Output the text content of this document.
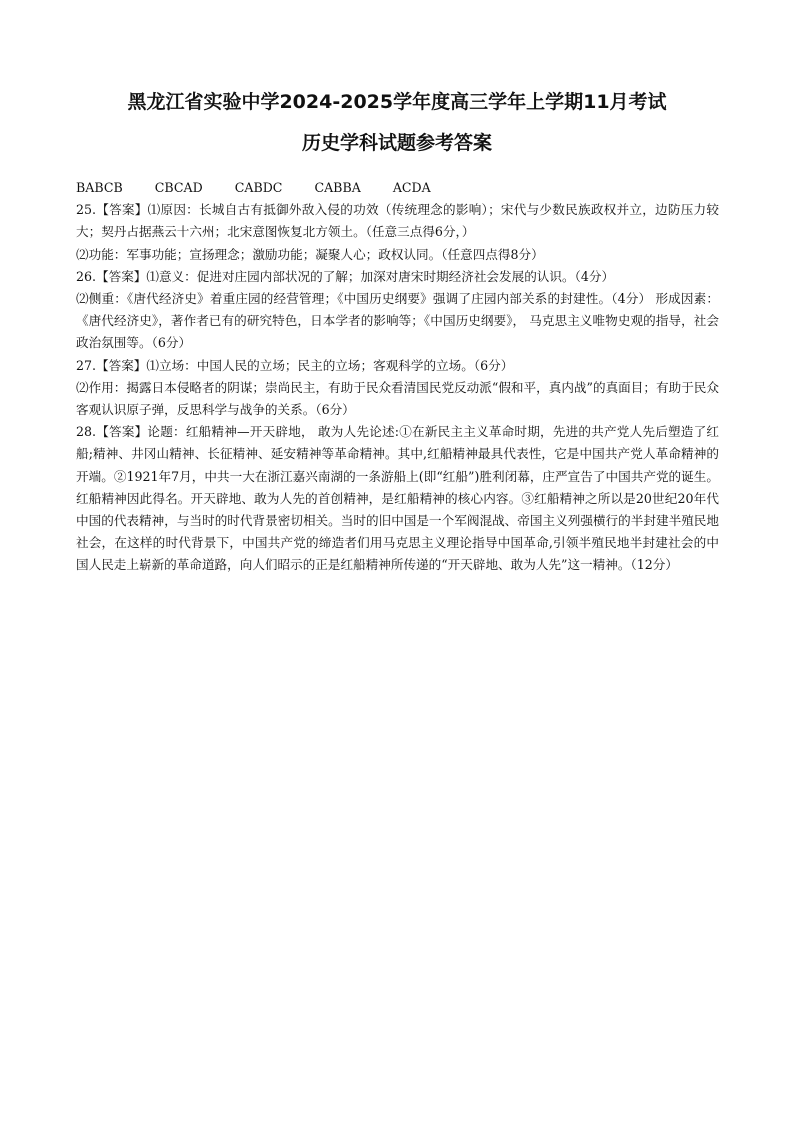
黑龙江省实验中学2024-2025学年度高三学年上学期11月考试
历史学科试题参考答案

BABCB	CBCAD	CABDC	CABBA	ACDA

25.【答案】⑴原因：长城自古有抵御外敌入侵的功效（传统理念的影响）；宋代与少数民族政权并立，边防压力较大；契丹占据燕云十六州；北宋意图恢复北方领土。（任意三点得6分，）

⑵功能：军事功能；宣扬理念；激励功能；凝聚人心；政权认同。（任意四点得8分）

26.【答案】⑴意义：促进对庄园内部状况的了解；加深对唐宋时期经济社会发展的认识。（4分）

⑵侧重：《唐代经济史》着重庄园的经营管理；《中国历史纲要》强调了庄园内部关系的封建性。（4分） 形成因素：《唐代经济史》，著作者已有的研究特色，日本学者的影响等；《中国历史纲要》， 马克思主义唯物史观的指导，社会政治氛围等。（6分）

27.【答案】⑴立场：中国人民的立场；民主的立场；客观科学的立场。（6分）

⑵作用：揭露日本侵略者的阴谋；崇尚民主，有助于民众看清国民党反动派“假和平，真内战”的真面目；有助于民众客观认识原子弹，反思科学与战争的关系。（6分）

28.【答案】论题：红船精神—开天辟地， 敢为人先论述:①在新民主主义革命时期，先进的共产党人先后塑造了红船;精神、井冈山精神、长征精神、延安精神等革命精神。其中,红船精神最具代表性，它是中国共产党人革命精神的开端。②1921年7月，中共一大在浙江嘉兴南湖的一条游船上(即“红船”)胜利闭幕，庄严宣告了中国共产党的诞生。红船精神因此得名。开天辟地、敢为人先的首创精神，是红船精神的核心内容。③红船精神之所以是20世纪20年代中国的代表精神，与当时的时代背景密切相关。当时的旧中国是一个军阀混战、帝国主义列强横行的半封建半殖民地社会，在这样的时代背景下，中国共产党的缔造者们用马克思主义理论指导中国革命,引领半殖民地半封建社会的中国人民走上崭新的革命道路，向人们昭示的正是红船精神所传递的“开天辟地、敢为人先”这一精神。（12分）
